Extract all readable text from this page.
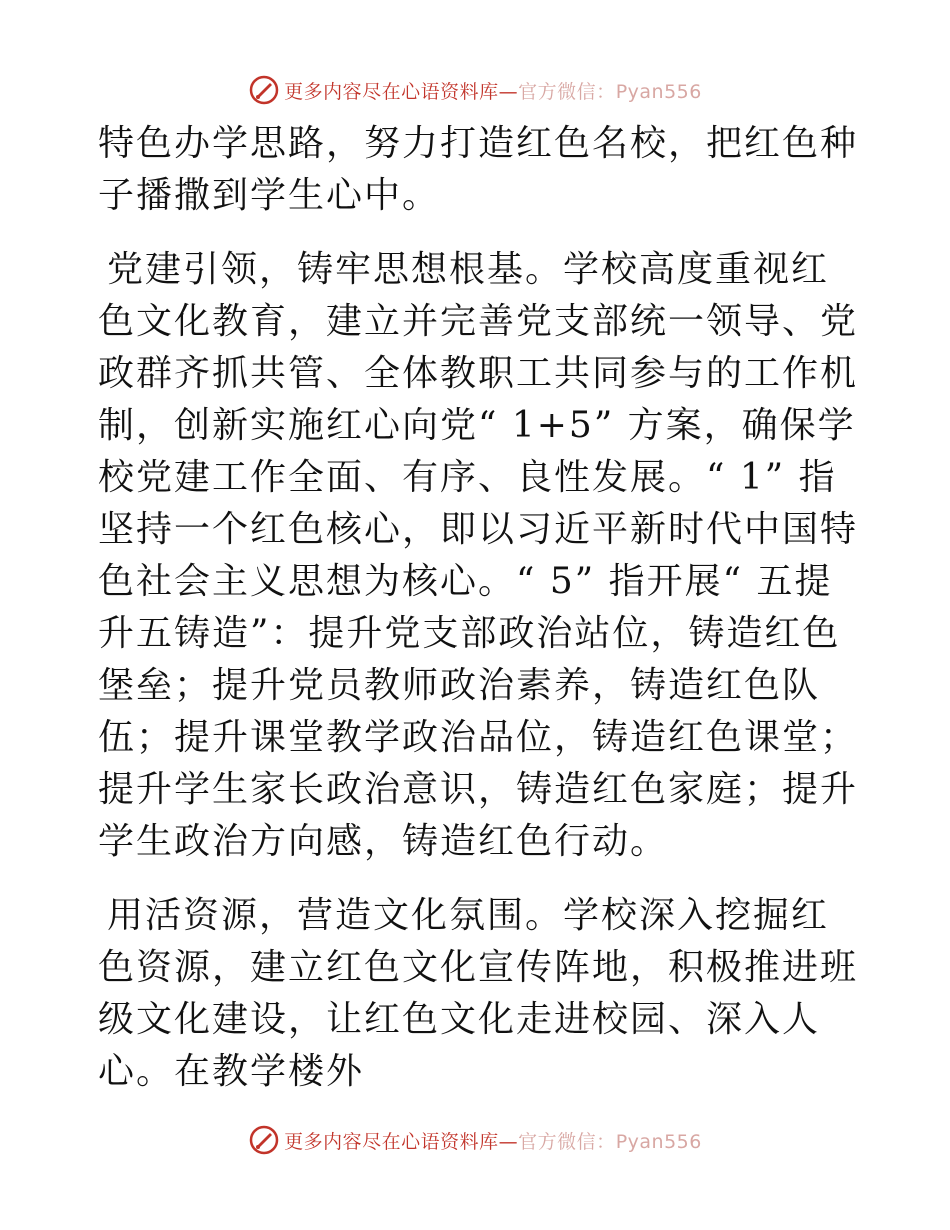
更多内容尽在心语资料库—官方微信：Pyan556

特色办学思路，努力打造红色名校，把红色种子播撒到学生心中。

党建引领，铸牢思想根基。学校高度重视红色文化教育，建立并完善党支部统一领导、党政群齐抓共管、全体教职工共同参与的工作机制，创新实施红心向党“ 1+5” 方案，确保学校党建工作全面、有序、良性发展。“ 1” 指坚持一个红色核心，即以习近平新时代中国特色社会主义思想为核心。“ 5” 指开展“ 五提升五铸造”：提升党支部政治站位，铸造红色堡垒；提升党员教师政治素养，铸造红色队伍；提升课堂教学政治品位，铸造红色课堂；提升学生家长政治意识，铸造红色家庭；提升学生政治方向感，铸造红色行动。

用活资源，营造文化氛围。学校深入挖掘红色资源，建立红色文化宣传阵地，积极推进班级文化建设，让红色文化走进校园、深入人心。在教学楼外

更多内容尽在心语资料库—官方微信：Pyan556
